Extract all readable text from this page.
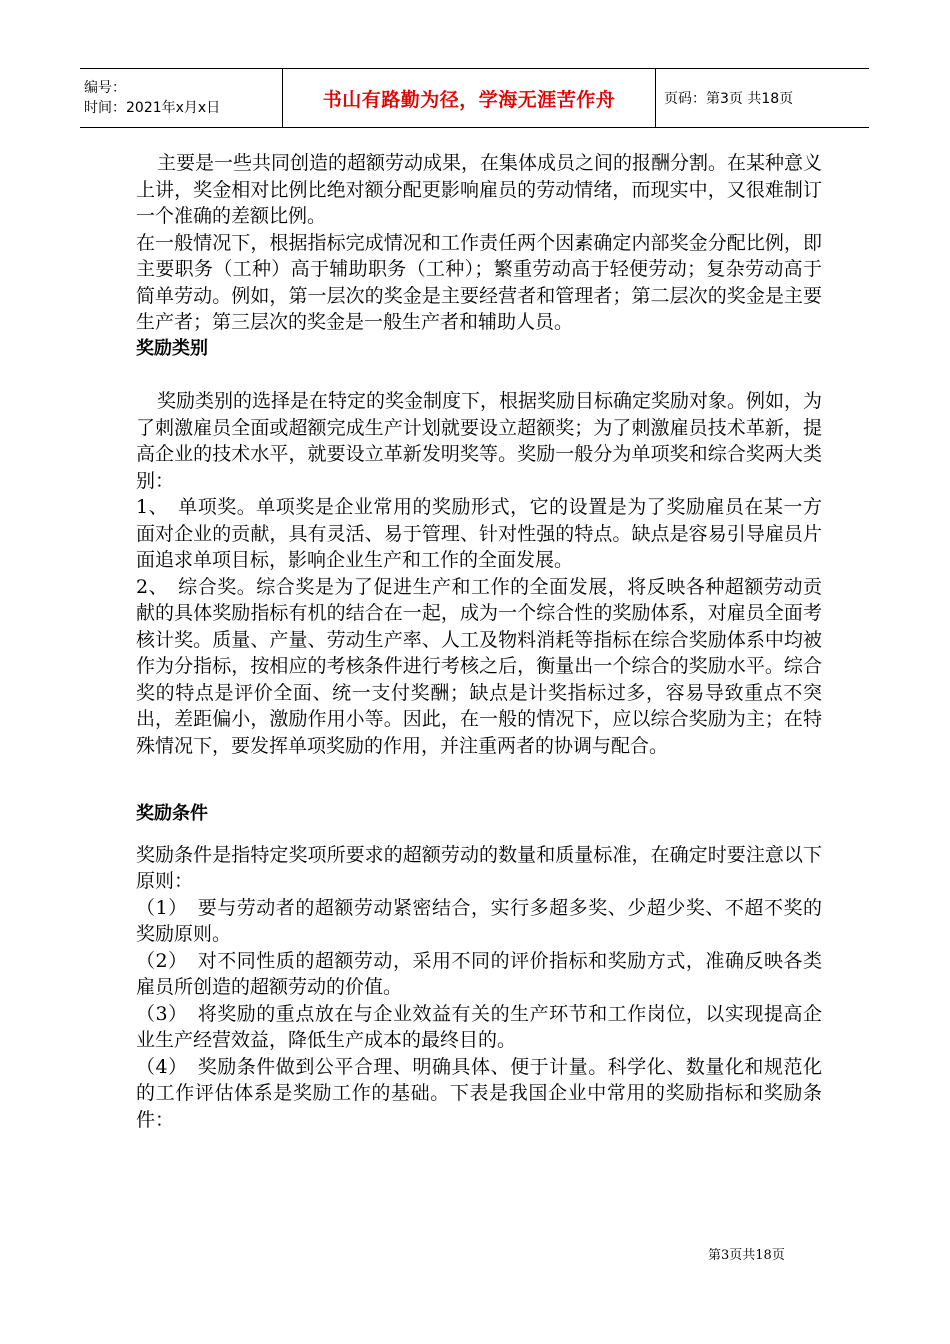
编号：
时间：2021年x月x日	书山有路勤为径，学海无涯苦作舟	页码：第3页 共18页

主要是一些共同创造的超额劳动成果，在集体成员之间的报酬分割。在某种意义上讲，奖金相对比例比绝对额分配更影响雇员的劳动情绪，而现实中，又很难制订一个准确的差额比例。

在一般情况下，根据指标完成情况和工作责任两个因素确定内部奖金分配比例，即主要职务（工种）高于辅助职务（工种）；繁重劳动高于轻便劳动；复杂劳动高于简单劳动。例如，第一层次的奖金是主要经营者和管理者；第二层次的奖金是主要生产者；第三层次的奖金是一般生产者和辅助人员。

奖励类别

奖励类别的选择是在特定的奖金制度下，根据奖励目标确定奖励对象。例如，为了刺激雇员全面或超额完成生产计划就要设立超额奖；为了刺激雇员技术革新，提高企业的技术水平，就要设立革新发明奖等。奖励一般分为单项奖和综合奖两大类别：

1、　单项奖。单项奖是企业常用的奖励形式，它的设置是为了奖励雇员在某一方面对企业的贡献，具有灵活、易于管理、针对性强的特点。缺点是容易引导雇员片面追求单项目标，影响企业生产和工作的全面发展。

2、　综合奖。综合奖是为了促进生产和工作的全面发展，将反映各种超额劳动贡献的具体奖励指标有机的结合在一起，成为一个综合性的奖励体系，对雇员全面考核计奖。质量、产量、劳动生产率、人工及物料消耗等指标在综合奖励体系中均被作为分指标，按相应的考核条件进行考核之后，衡量出一个综合的奖励水平。综合奖的特点是评价全面、统一支付奖酬；缺点是计奖指标过多，容易导致重点不突出，差距偏小，激励作用小等。因此，在一般的情况下，应以综合奖励为主；在特殊情况下，要发挥单项奖励的作用，并注重两者的协调与配合。

奖励条件

奖励条件是指特定奖项所要求的超额劳动的数量和质量标准，在确定时要注意以下原则：

（1）　要与劳动者的超额劳动紧密结合，实行多超多奖、少超少奖、不超不奖的奖励原则。

（2）　对不同性质的超额劳动，采用不同的评价指标和奖励方式，准确反映各类雇员所创造的超额劳动的价值。

（3）　将奖励的重点放在与企业效益有关的生产环节和工作岗位，以实现提高企业生产经营效益，降低生产成本的最终目的。

（4）　奖励条件做到公平合理、明确具体、便于计量。科学化、数量化和规范化的工作评估体系是奖励工作的基础。下表是我国企业中常用的奖励指标和奖励条件：

第3页共18页
